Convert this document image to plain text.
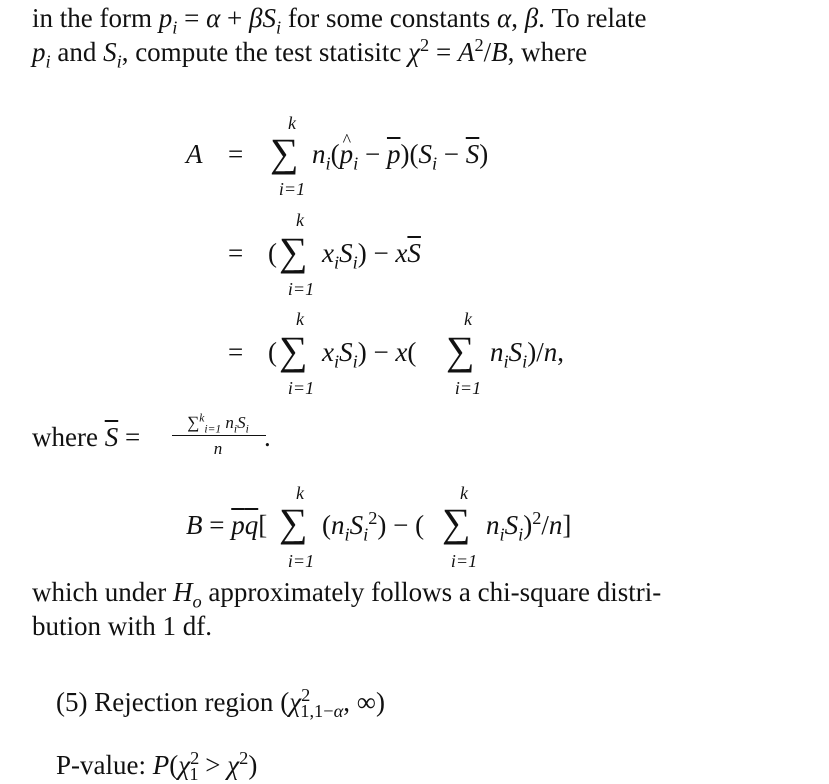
in the form $p_i = \alpha + \beta S_i$ for some constants α, β. To relate
$p_i$ and $S_i$, compute the test statisitc $\chi^2 = A^2/B$, where
A =
k
∑
i=1
$n_i(\^{}$ $p_i - \overline{p})(S_i - \overline{S})$
=
k
( ∑
i=1
$x_iS_i) - x\overline{S}$
=
k
( ∑
i=1
$x_iS_i) - x$(
k
∑
i=1
$n_iS_i)/n$,
where $\overline{S}$ =	∑$^k_{i=1}$ $n_iS_i$
n	.
$B = \overline{p}\overline{q}$[
k
∑
i=1
$(n_iS_i^2)$ − (
k
∑
i=1
$n_iS_i)^2/n$]
which under $H_o$ approximately follows a chi-square distri-
bution with 1 df.
(5) Rejection region ($\chi^2_{1,1-\alpha}$, ∞)
P-value: $P(\chi^2_1 > \chi^2)$
